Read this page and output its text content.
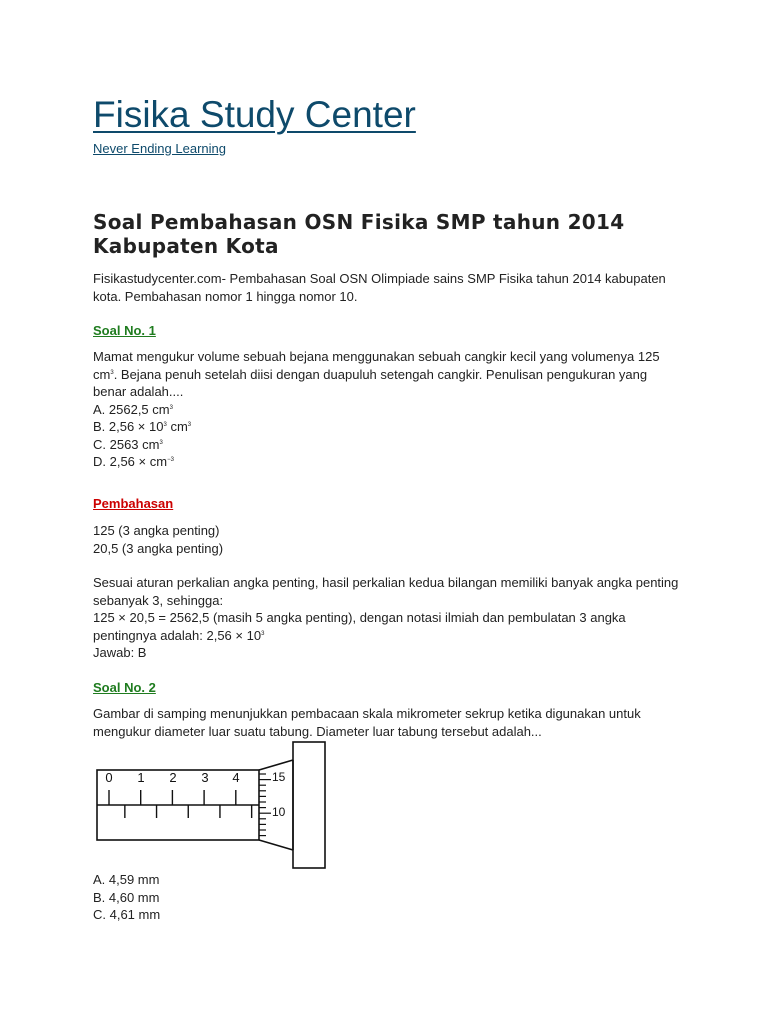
Fisika Study Center
Never Ending Learning
Soal Pembahasan OSN Fisika SMP tahun 2014
Kabupaten Kota
Fisikastudycenter.com- Pembahasan Soal OSN Olimpiade sains SMP Fisika tahun 2014 kabupaten
kota. Pembahasan nomor 1 hingga nomor 10.
Soal No. 1
Mamat mengukur volume sebuah bejana menggunakan sebuah cangkir kecil yang volumenya 125
$cm^3$. Bejana penuh setelah diisi dengan duapuluh setengah cangkir. Penulisan pengukuran yang
benar adalah....
A. 2562,5 $cm^3$
B. $2,56 \times 10^3$ $cm^3$
C. 2563 $cm^3$
D. $2,56 \times cm^{-3}$
Pembahasan
125 (3 angka penting)
20,5 (3 angka penting)
Sesuai aturan perkalian angka penting, hasil perkalian kedua bilangan memiliki banyak angka penting
sebanyak 3, sehingga:
125 × 20,5 = 2562,5 (masih 5 angka penting), dengan notasi ilmiah dan pembulatan 3 angka
pentingnya adalah: $2,56 \times 10^3$
Jawab: B
Soal No. 2
Gambar di samping menunjukkan pembacaan skala mikrometer sekrup ketika digunakan untuk
mengukur diameter luar suatu tabung. Diameter luar tabung tersebut adalah...
0 1 2 3 4	15
10
A. 4,59 mm
B. 4,60 mm
C. 4,61 mm
